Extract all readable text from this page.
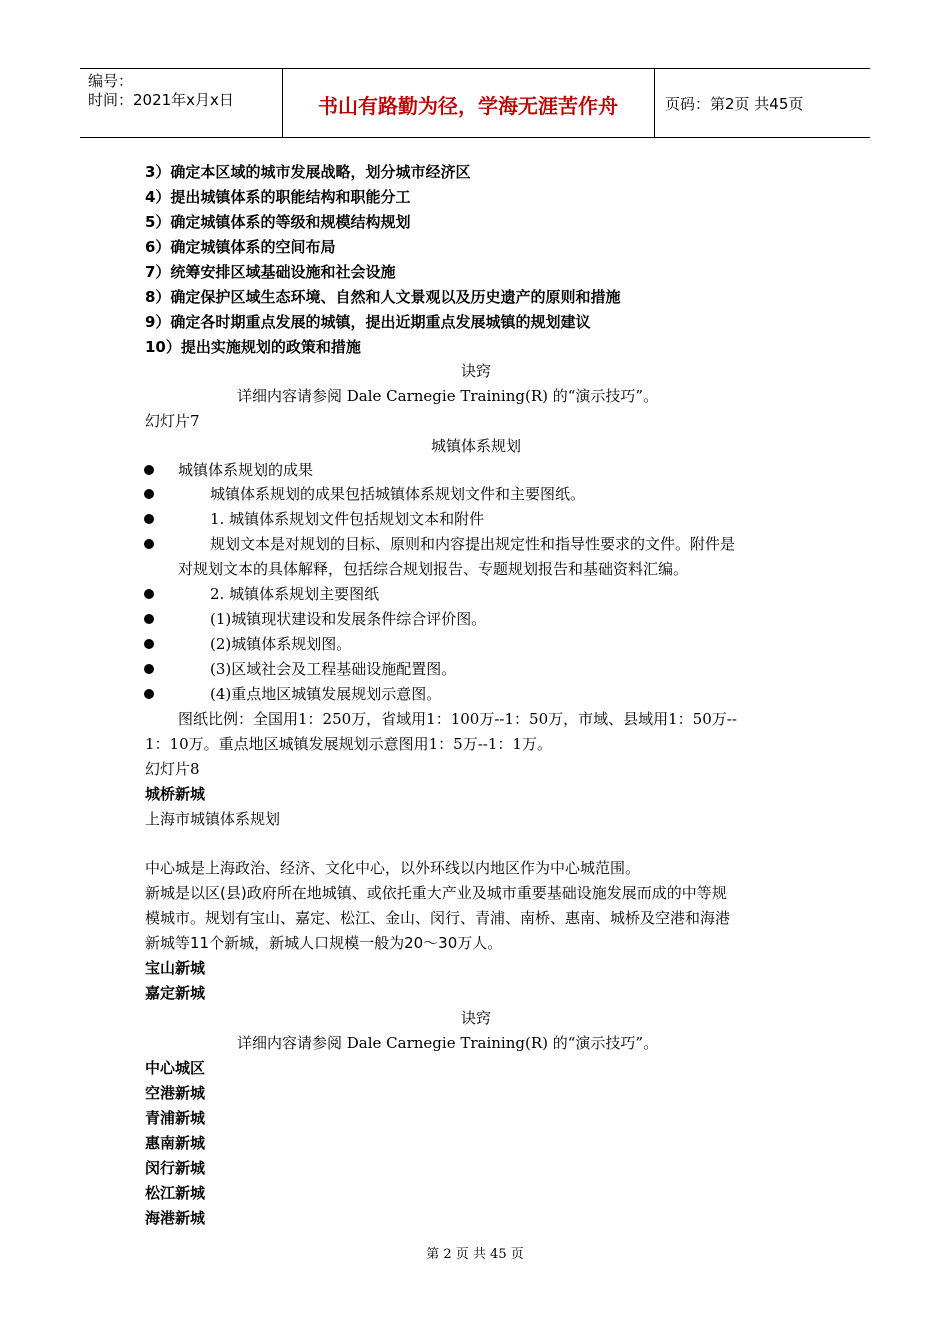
编号：
时间：2021年x月x日	书山有路勤为径，学海无涯苦作舟	页码：第2页 共45页
3）确定本区域的城市发展战略，划分城市经济区
4）提出城镇体系的职能结构和职能分工
5）确定城镇体系的等级和规模结构规划
6）确定城镇体系的空间布局
7）统筹安排区域基础设施和社会设施
8）确定保护区域生态环境、自然和人文景观以及历史遗产的原则和措施
9）确定各时期重点发展的城镇，提出近期重点发展城镇的规划建议
10）提出实施规划的政策和措施
诀窍
详细内容请参阅 Dale Carnegie Training(R) 的“演示技巧”。
幻灯片7
城镇体系规划
城镇体系规划的成果
城镇体系规划的成果包括城镇体系规划文件和主要图纸。
1. 城镇体系规划文件包括规划文本和附件
规划文本是对规划的目标、原则和内容提出规定性和指导性要求的文件。附件是
对规划文本的具体解释，包括综合规划报告、专题规划报告和基础资料汇编。
2. 城镇体系规划主要图纸
(1)城镇现状建设和发展条件综合评价图。
(2)城镇体系规划图。
(3)区域社会及工程基础设施配置图。
(4)重点地区城镇发展规划示意图。
图纸比例：全国用1：250万，省域用1：100万--1：50万，市域、县域用1：50万--
1：10万。重点地区城镇发展规划示意图用1：5万--1：1万。
幻灯片8
城桥新城
上海市城镇体系规划
中心城是上海政治、经济、文化中心，以外环线以内地区作为中心城范围。
新城是以区(县)政府所在地城镇、或依托重大产业及城市重要基础设施发展而成的中等规
模城市。规划有宝山、嘉定、松江、金山、闵行、青浦、南桥、惠南、城桥及空港和海港
新城等11个新城，新城人口规模一般为20～30万人。
宝山新城
嘉定新城
诀窍
详细内容请参阅 Dale Carnegie Training(R) 的“演示技巧”。
中心城区
空港新城
青浦新城
惠南新城
闵行新城
松江新城
海港新城
第 2 页 共 45 页
